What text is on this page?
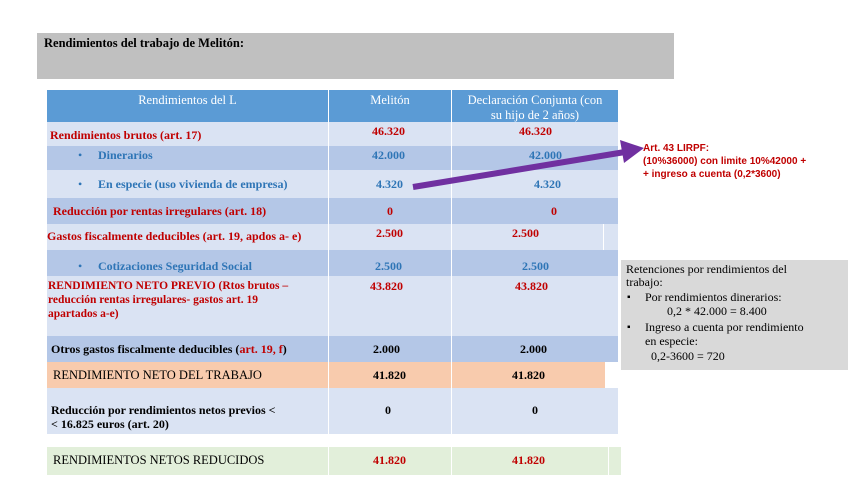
Rendimientos del trabajo de Melitón:
Rendimientos del L	Melitón	Declaración Conjunta (con
su hijo de 2 años)
Rendimientos brutos (art. 17)	46.320	46.320
• Dinerarios	42.000	42.000
• En especie (uso vivienda de empresa)	4.320	4.320
Reducción por rentas irregulares (art. 18)	0	0
Gastos fiscalmente deducibles (art. 19, apdos a- e)	2.500	2.500
• Cotizaciones Seguridad Social	2.500	2.500
RENDIMIENTO NETO PREVIO (Rtos brutos –
reducción rentas irregulares- gastos art. 19
apartados a-e)
43.820	43.820
Otros gastos fiscalmente deducibles (art. 19, f)	2.000	2.000
RENDIMIENTO NETO DEL TRABAJO	41.820	41.820
Reducción por rendimientos netos previos <
< 16.825 euros (art. 20)
0	0
RENDIMIENTOS NETOS REDUCIDOS	41.820	41.820
Art. 43 LIRPF:
(10%36000) con limite 10%42000 +
+ ingreso a cuenta (0,2*3600)
Retenciones por rendimientos del
trabajo:
▪ Por rendimientos dinerarios:
0,2 * 42.000 = 8.400
▪ Ingreso a cuenta por rendimiento
en especie:
0,2-3600 = 720
